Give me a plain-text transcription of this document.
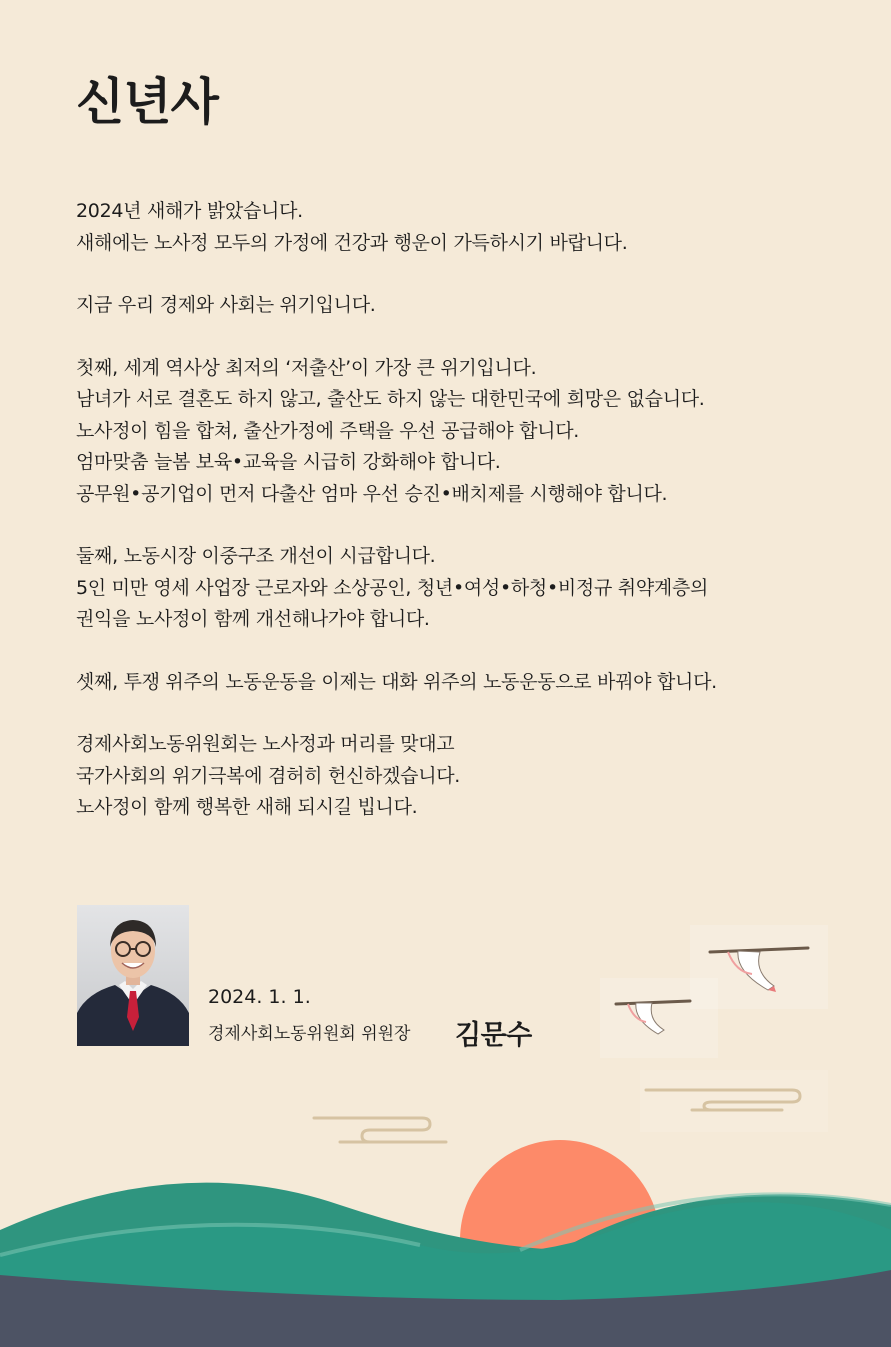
신년사
2024년 새해가 밝았습니다.
새해에는 노사정 모두의 가정에 건강과 행운이 가득하시기 바랍니다.
지금 우리 경제와 사회는 위기입니다.
첫째, 세계 역사상 최저의 ‘저출산’이 가장 큰 위기입니다.
남녀가 서로 결혼도 하지 않고, 출산도 하지 않는 대한민국에 희망은 없습니다.
노사정이 힘을 합쳐, 출산가정에 주택을 우선 공급해야 합니다.
엄마맞춤 늘봄 보육•교육을 시급히 강화해야 합니다.
공무원•공기업이 먼저 다출산 엄마 우선 승진•배치제를 시행해야 합니다.
둘째, 노동시장 이중구조 개선이 시급합니다.
5인 미만 영세 사업장 근로자와 소상공인, 청년•여성•하청•비정규 취약계층의
권익을 노사정이 함께 개선해나가야 합니다.
셋째, 투쟁 위주의 노동운동을 이제는 대화 위주의 노동운동으로 바꿔야 합니다.
경제사회노동위원회는 노사정과 머리를 맞대고
국가사회의 위기극복에 겸허히 헌신하겠습니다.
노사정이 함께 행복한 새해 되시길 빕니다.
2024. 1. 1.
경제사회노동위원회 위원장 김문수
